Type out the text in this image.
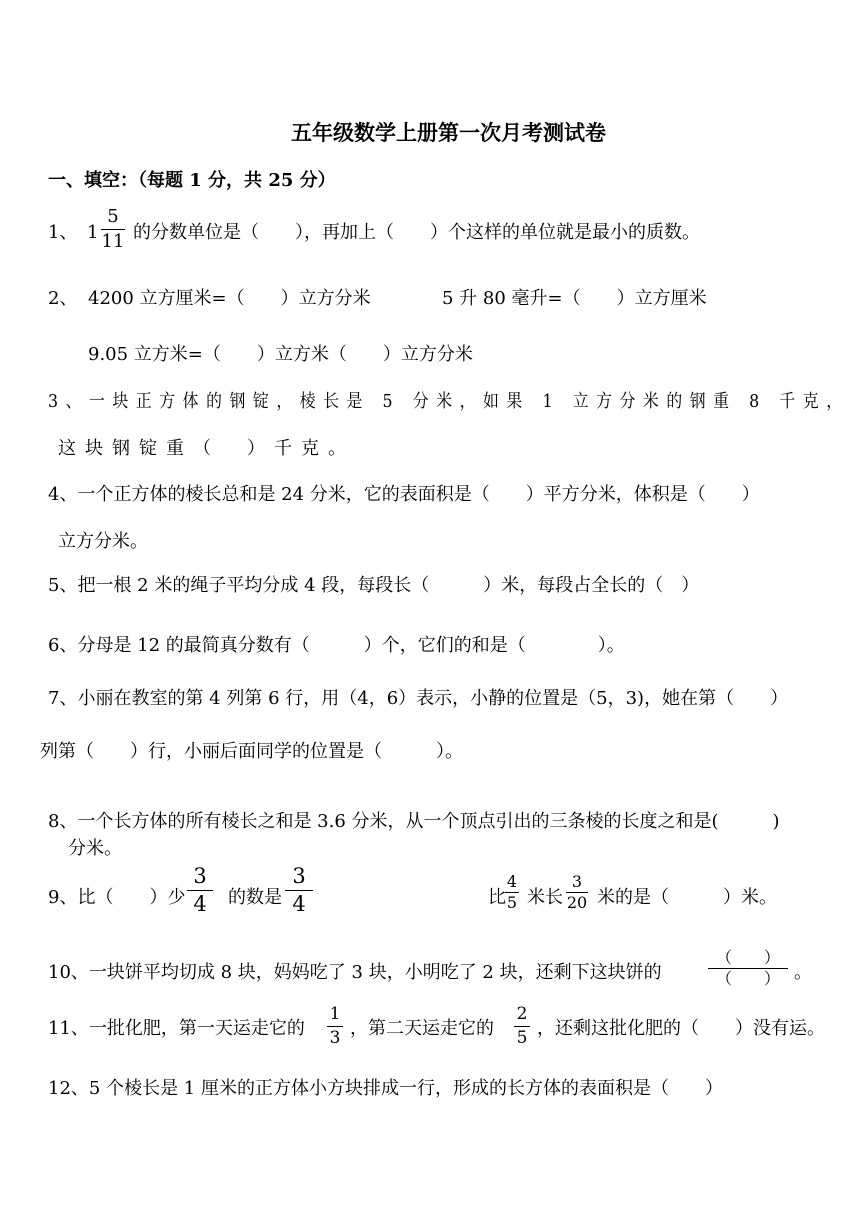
五年级数学上册第一次月考测试卷
一、填空：（每题 1 分，共 25 分）
1、 1
5
11 的分数单位是（　　），再加上（　　）个这样的单位就是最小的质数。
2、 4200 立方厘米=（　　）立方分米	5 升 80 毫升=（　　）立方厘米
9.05 立方米=（　　）立方米（　　）立方分米
3、一块正方体的钢锭，棱长是 5 分米，如果 1 立方分米的钢重 8 千克，
这块钢锭重（　）千克。
4、一个正方体的棱长总和是 24 分米，它的表面积是（　　）平方分米，体积是（　　）
立方分米。
5、把一根 2 米的绳子平均分成 4 段，每段长（　　　）米，每段占全长的（　）
6、分母是 12 的最简真分数有（　　　）个，它们的和是（　　　　）。
7、小丽在教室的第 4 列第 6 行，用（4，6）表示，小静的位置是（5，3)，她在第（　　）
列第（　　）行，小丽后面同学的位置是（　　　）。
8、一个长方体的所有棱长之和是 3.6 分米，从一个顶点引出的三条棱的长度之和是(　　　)
分米。
9、比（　　）少
3
4	的数是
3
4	比
4
5 米长
3
20 米的是（　　　）米。
10、一块饼平均切成 8 块，妈妈吃了 3 块，小明吃了 2 块，还剩下这块饼的
（　　）
（　　） 。
11、一批化肥，第一天运走它的
1
3 ，第二天运走它的
2
5 ，还剩这批化肥的（　　）没有运。
12、5 个棱长是 1 厘米的正方体小方块排成一行，形成的长方体的表面积是（　　）
